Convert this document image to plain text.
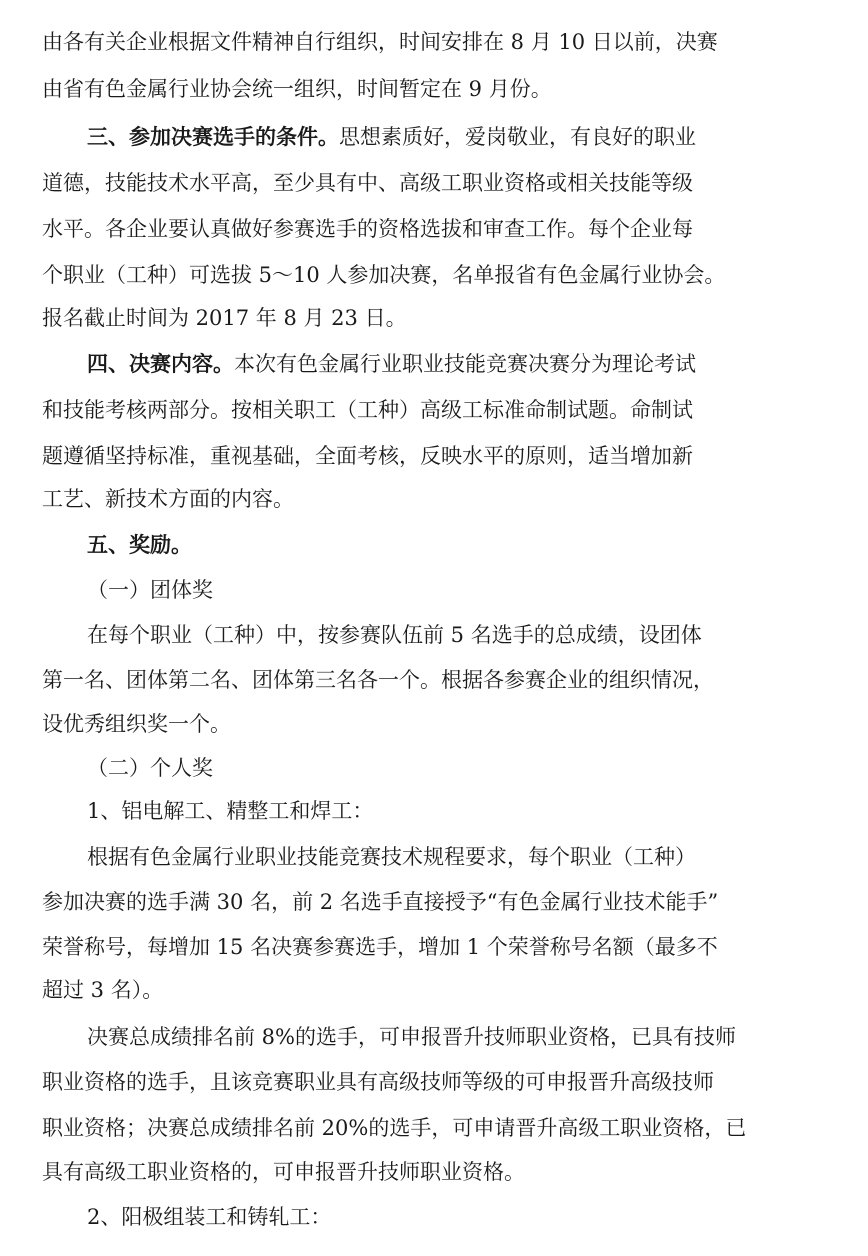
由各有关企业根据文件精神自行组织，时间安排在 8 月 10 日以前，决赛
由省有色金属行业协会统一组织，时间暂定在 9 月份。
三、参加决赛选手的条件。思想素质好，爱岗敬业，有良好的职业
道德，技能技术水平高，至少具有中、高级工职业资格或相关技能等级
水平。各企业要认真做好参赛选手的资格选拔和审查工作。每个企业每
个职业（工种）可选拔 5～10 人参加决赛，名单报省有色金属行业协会。
报名截止时间为 2017 年 8 月 23 日。
四、决赛内容。本次有色金属行业职业技能竞赛决赛分为理论考试
和技能考核两部分。按相关职工（工种）高级工标准命制试题。命制试
题遵循坚持标准，重视基础，全面考核，反映水平的原则，适当增加新
工艺、新技术方面的内容。
五、奖励。
（一）团体奖
在每个职业（工种）中，按参赛队伍前 5 名选手的总成绩，设团体
第一名、团体第二名、团体第三名各一个。根据各参赛企业的组织情况，
设优秀组织奖一个。
（二）个人奖
1、铝电解工、精整工和焊工：
根据有色金属行业职业技能竞赛技术规程要求，每个职业（工种）
参加决赛的选手满 30 名，前 2 名选手直接授予“有色金属行业技术能手”
荣誉称号，每增加 15 名决赛参赛选手，增加 1 个荣誉称号名额（最多不
超过 3 名）。
决赛总成绩排名前 8%的选手，可申报晋升技师职业资格，已具有技师
职业资格的选手，且该竞赛职业具有高级技师等级的可申报晋升高级技师
职业资格；决赛总成绩排名前 20%的选手，可申请晋升高级工职业资格，已
具有高级工职业资格的，可申报晋升技师职业资格。
2、阳极组装工和铸轧工：
